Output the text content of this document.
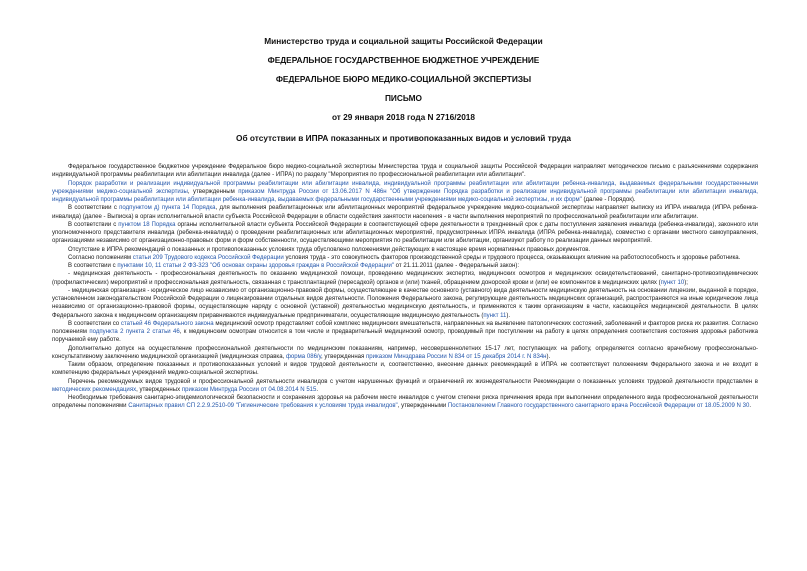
Министерство труда и социальной защиты Российской Федерации
ФЕДЕРАЛЬНОЕ ГОСУДАРСТВЕННОЕ БЮДЖЕТНОЕ УЧРЕЖДЕНИЕ
ФЕДЕРАЛЬНОЕ БЮРО МЕДИКО-СОЦИАЛЬНОЙ ЭКСПЕРТИЗЫ
ПИСЬМО
от 29 января 2018 года N 2716/2018
Об отсутствии в ИПРА показанных и противопоказанных видов и условий труда

Федеральное государственное бюджетное учреждение Федеральное бюро медико-социальной экспертизы Министерства труда и социальной защиты Российской Федерации направляет методическое письмо с разъяснениями содержания индивидуальной программы реабилитации или абилитации инвалида (далее - ИПРА) по разделу "Мероприятия по профессиональной реабилитации или абилитации".

Порядок разработки и реализации индивидуальной программы реабилитации или абилитации инвалида, индивидуальной программы реабилитации или абилитации ребенка-инвалида, выдаваемых федеральными государственными учреждениями медико-социальной экспертизы, утвержденным приказом Минтруда России от 13.06.2017 N 486н "Об утверждении Порядка разработки и реализации индивидуальной программы реабилитации или абилитации инвалида, индивидуальной программы реабилитации или абилитации ребенка-инвалида, выдаваемых федеральными государственными учреждениями медико-социальной экспертизы, и их форм" (далее - Порядок).

В соответствии с подпунктом д) пункта 14 Порядка, для выполнения реабилитационных или абилитационных мероприятий федеральное учреждение медико-социальной экспертизы направляет выписку из ИПРА инвалида (ИПРА ребенка-инвалида) (далее - Выписка) в орган исполнительной власти субъекта Российской Федерации в области содействия занятости населения - в части выполнения мероприятий по профессиональной реабилитации или абилитации.

В соответствии с пунктом 18 Порядка органы исполнительной власти субъекта Российской Федерации в соответствующей сфере деятельности в трехдневный срок с даты поступления заявления инвалида (ребенка-инвалида), законного или уполномоченного представителя инвалида (ребенка-инвалида) о проведении реабилитационных или абилитационных мероприятий, предусмотренных ИПРА инвалида (ИПРА ребенка-инвалида), совместно с органами местного самоуправления, организациями независимо от организационно-правовых форм и форм собственности, осуществляющими мероприятия по реабилитации или абилитации, организуют работу по реализации данных мероприятий.

Отсутствие в ИПРА рекомендаций о показанных и противопоказанных условиях труда обусловлено положениями действующих в настоящее время нормативных правовых документов.

Согласно положениям статьи 209 Трудового кодекса Российской Федерации условия труда - это совокупность факторов производственной среды и трудового процесса, оказывающих влияние на работоспособность и здоровье работника.

В соответствии с пунктами 10, 11 статьи 2 ФЗ-323 "Об основах охраны здоровья граждан в Российской Федерации" от 21.11.2011 (далее - Федеральный закон):

- медицинская деятельность - профессиональная деятельность по оказанию медицинской помощи, проведению медицинских экспертиз, медицинских осмотров и медицинских освидетельствований, санитарно-противоэпидемических (профилактических) мероприятий и профессиональная деятельность, связанная с трансплантацией (пересадкой) органов и (или) тканей, обращением донорской крови и (или) ее компонентов в медицинских целях (пункт 10);

- медицинская организация - юридическое лицо независимо от организационно-правовой формы, осуществляющее в качестве основного (уставного) вида деятельности медицинскую деятельность на основании лицензии, выданной в порядке, установленном законодательством Российской Федерации о лицензировании отдельных видов деятельности. Положения Федерального закона, регулирующие деятельность медицинских организаций, распространяются на иные юридические лица независимо от организационно-правовой формы, осуществляющие наряду с основной (уставной) деятельностью медицинскую деятельность, и применяются к таким организациям в части, касающейся медицинской деятельности. В целях Федерального закона к медицинским организациям приравниваются индивидуальные предприниматели, осуществляющие медицинскую деятельность (пункт 11).

В соответствии со статьей 46 Федерального закона медицинский осмотр представляет собой комплекс медицинских вмешательств, направленных на выявление патологических состояний, заболеваний и факторов риска их развития. Согласно положениям подпункта 2 пункта 2 статьи 46, к медицинским осмотрам относится в том числе и предварительный медицинский осмотр, проводимый при поступлении на работу в целях определения соответствия состояния здоровья работника поручаемой ему работе.

Дополнительно допуск на осуществление профессиональной деятельности по медицинским показаниям, например, несовершеннолетних 15-17 лет, поступающих на работу, определяется согласно врачебному профессионально-консультативному заключению медицинской организацией (медицинская справка, форма 086/у, утвержденная приказом Минздрава России N 834 от 15 декабря 2014 г. N 834н).

Таким образом, определение показанных и противопоказанных условий и видов трудовой деятельности и, соответственно, внесение данных рекомендаций в ИПРА не соответствует положениям Федерального закона и не входит в компетенцию федеральных учреждений медико-социальной экспертизы.

Перечень рекомендуемых видов трудовой и профессиональной деятельности инвалидов с учетом нарушенных функций и ограничений их жизнедеятельности Рекомендации о показанных условиях трудовой деятельности представлен в методических рекомендациях, утвержденных приказом Минтруда России от 04.08.2014 N 515.

Необходимые требования санитарно-эпидемиологической безопасности и сохранения здоровья на рабочем месте инвалидов с учетом степени риска причинения вреда при выполнении определенного вида профессиональной деятельности определены положениями Санитарных правил СП 2.2.9.2510-09 "Гигиенические требования к условиям труда инвалидов", утвержденными Постановлением Главного государственного санитарного врача Российской Федерации от 18.05.2009 N 30.
